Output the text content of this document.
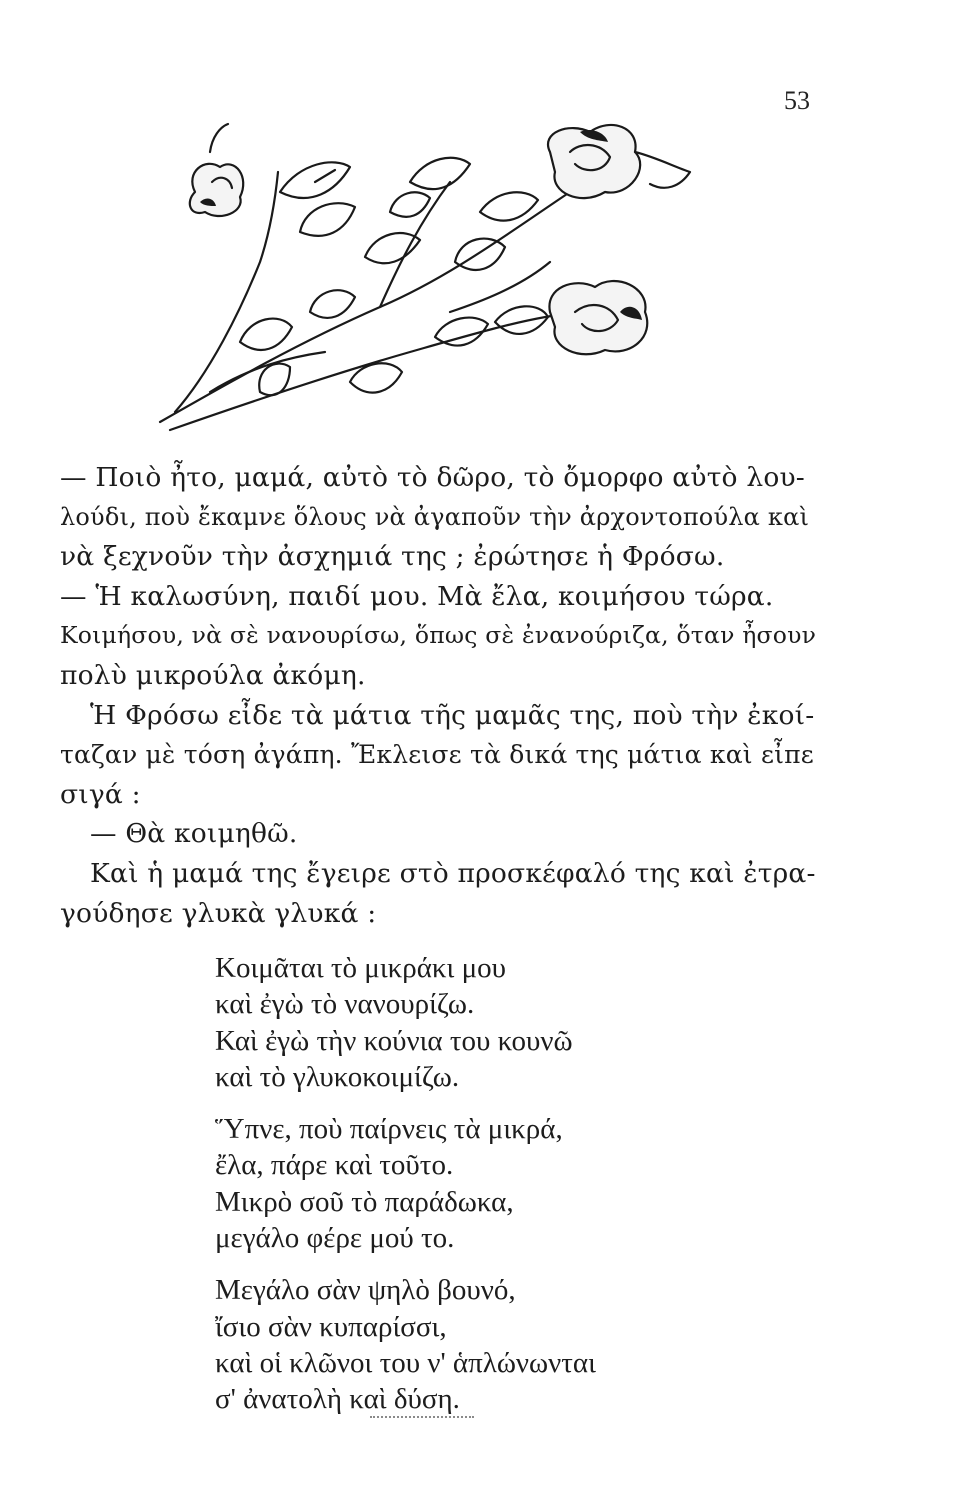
53
— Ποιὸ ἦτο, μαμά, αὐτὸ τὸ δῶρο, τὸ ὄμορφο αὐτὸ λου-
λούδι, ποὺ ἔκαμνε ὅλους νὰ ἀγαποῦν τὴν ἀρχοντοπούλα καὶ
νὰ ξεχνοῦν τὴν ἀσχημιά της ; ἐρώτησε ἡ Φρόσω.
— Ἡ καλωσύνη, παιδί μου. Μὰ ἔλα, κοιμήσου τώρα.
Κοιμήσου, νὰ σὲ νανουρίσω, ὅπως σὲ ἐνανούριζα, ὅταν ἦσουν
πολὺ μικρούλα ἀκόμη.
Ἡ Φρόσω εἶδε τὰ μάτια τῆς μαμᾶς της, ποὺ τὴν ἐκοί-
ταζαν μὲ τόση ἀγάπη. Ἔκλεισε τὰ δικά της μάτια καὶ εἶπε
σιγά :
— Θὰ κοιμηθῶ.
Καὶ ἡ μαμά της ἔγειρε στὸ προσκέφαλό της καὶ ἐτρα-
γούδησε γλυκὰ γλυκά :
Κοιμᾶται τὸ μικράκι μου
καὶ ἐγὼ τὸ νανουρίζω.
Καὶ ἐγὼ τὴν κούνια του κουνῶ
καὶ τὸ γλυκοκοιμίζω.
Ὕπνε, ποὺ παίρνεις τὰ μικρά,
ἔλα, πάρε καὶ τοῦτο.
Μικρὸ σοῦ τὸ παράδωκα,
μεγάλο φέρε μού το.
Μεγάλο σὰν ψηλὸ βουνό,
ἴσιο σὰν κυπαρίσσι,
καὶ οἱ κλῶνοι του ν' ἁπλώνωνται
σ' ἀνατολὴ καὶ δύση.
